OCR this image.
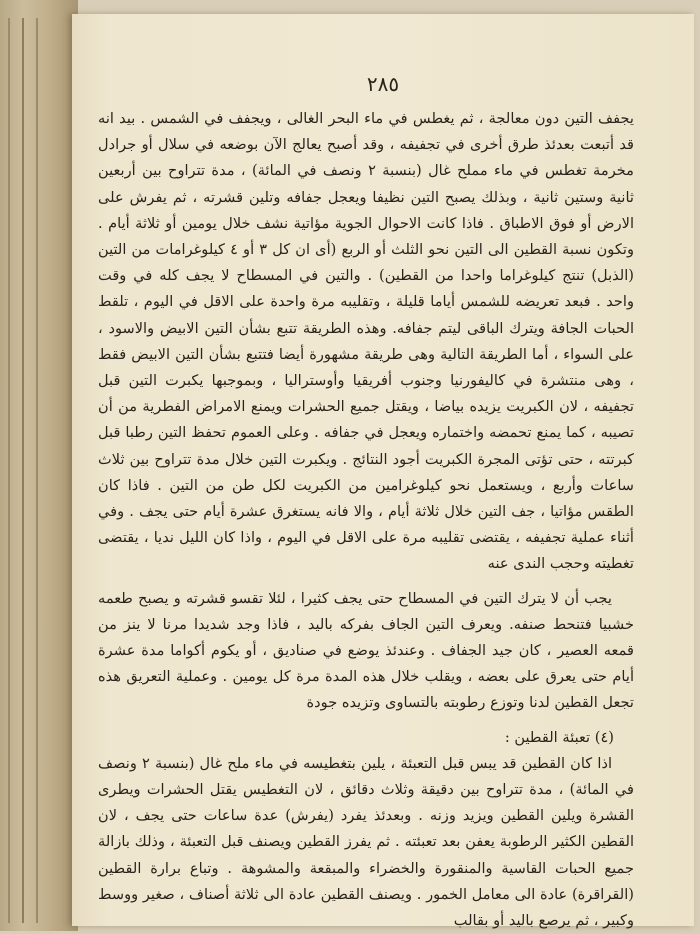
٢٨٥

يجفف التين دون معالجة ، ثم يغطس في ماء البحر الغالى ، ويجفف في الشمس . بيد انه قد أتبعت بعدئذ طرق أخرى في تجفيفه ، وقد أصبح يعالج الآن بوضعه في سلال أو جرادل مخرمة تغطس في ماء مملح غال (بنسبة ٢ ونصف في المائة) ، مدة تتراوح بين أربعين ثانية وستين ثانية ، وبذلك يصبح التين نظيفا ويعجل جفافه وتلين قشرته ، ثم يفرش على الارض أو فوق الاطباق . فاذا كانت الاحوال الجوية مؤاتية نشف خلال يومين أو ثلاثة أيام . وتكون نسبة القطين الى التين نحو الثلث أو الربع (أى ان كل ٣ أو ٤ كيلوغرامات من التين (الذبل) تنتج كيلوغراما واحدا من القطين) . والتين في المسطاح لا يجف كله في وقت واحد . فبعد تعريضه للشمس أياما قليلة ، وتقليبه مرة واحدة على الاقل في اليوم ، تلقط الحبات الجافة ويترك الباقى ليتم جفافه. وهذه الطريقة تتبع بشأن التين الابيض والاسود ، على السواء ، أما الطريقة التالية وهى طريقة مشهورة أيضا فتتبع بشأن التين الابيض فقط ، وهى منتشرة في كاليفورنيا وجنوب أفريقيا وأوستراليا ، وبموجبها يكبرت التين قبل تجفيفه ، لان الكبريت يزيده بياضا ، ويقتل جميع الحشرات ويمنع الامراض الفطرية من أن تصيبه ، كما يمنع تحمضه واختماره ويعجل في جفافه . وعلى العموم تحفظ التين رطبا قبل كبرتته ، حتى تؤتى المجرة الكبريت أجود النتائج . ويكبرت التين خلال مدة تتراوح بين ثلاث ساعات وأربع ، ويستعمل نحو كيلوغرامين من الكبريت لكل طن من التين . فاذا كان الطقس مؤاتيا ، جف التين خلال ثلاثة أيام ، والا فانه يستغرق عشرة أيام حتى يجف . وفي أثناء عملية تجفيفه ، يقتضى تقليبه مرة على الاقل في اليوم ، واذا كان الليل نديا ، يقتضى تغطيته وحجب الندى عنه

يجب أن لا يترك التين في المسطاح حتى يجف كثيرا ، لئلا تقسو قشرته و يصبح طعمه خشبيا فتنحط صنفه. ويعرف التين الجاف بفركه باليد ، فاذا وجد شديدا مرنا لا ينز من قمعه العصير ، كان جيد الجفاف . وعندئذ يوضع في صناديق ، أو يكوم أكواما مدة عشرة أيام حتى يعرق على بعضه ، ويقلب خلال هذه المدة مرة كل يومين . وعملية التعريق هذه تجعل القطين لدنا وتوزع رطوبته بالتساوى وتزيده جودة

(٤) تعبئة القطين :

اذا كان القطين قد يبس قبل التعبئة ، يلين بتغطيسه في ماء ملح غال (بنسبة ٢ ونصف في المائة) ، مدة تتراوح بين دقيقة وثلاث دقائق ، لان التغطيس يقتل الحشرات ويطرى القشرة ويلين القطين ويزيد وزنه . وبعدئذ يفرد (يفرش) عدة ساعات حتى يجف ، لان القطين الكثير الرطوبة يعفن بعد تعبئته . ثم يفرز القطين ويصنف قبل التعبئة ، وذلك بازالة جميع الحبات القاسية والمنقورة والخضراء والمبقعة والمشوهة . وتباع برارة القطين (القراقرة) عادة الى معامل الخمور . ويصنف القطين عادة الى ثلاثة أصناف ، صغير ووسط وكبير ، ثم يرصع باليد أو بقالب
